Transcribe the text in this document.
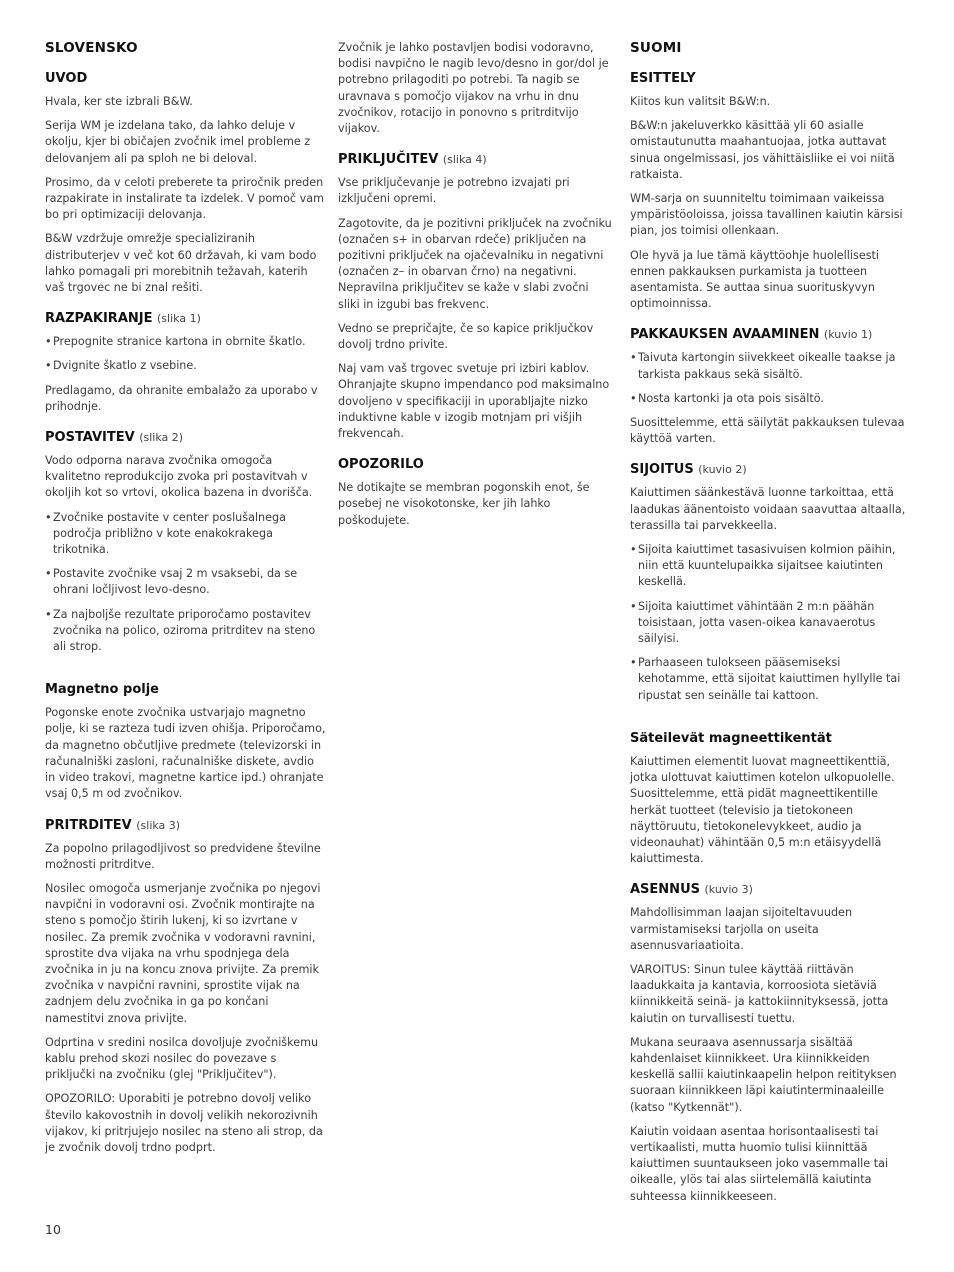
SLOVENSKO
UVOD

Hvala, ker ste izbrali B&W.

Serija WM je izdelana tako, da lahko deluje v okolju, kjer bi običajen zvočnik imel probleme z delovanjem ali pa sploh ne bi deloval.

Prosimo, da v celoti preberete ta priročnik preden razpakirate in instalirate ta izdelek. V pomoč vam bo pri optimizaciji delovanja.

B&W vzdržuje omrežje specializiranih distributerjev v več kot 60 državah, ki vam bodo lahko pomagali pri morebitnih težavah, katerih vaš trgovec ne bi znal rešiti.

RAZPAKIRANJE (slika 1)

• Prepognite stranice kartona in obrnite škatlo.

• Dvignite škatlo z vsebine.

Predlagamo, da ohranite embalažo za uporabo v prihodnje.

POSTAVITEV (slika 2)

Vodo odporna narava zvočnika omogoča kvalitetno reprodukcijo zvoka pri postavitvah v okoljih kot so vrtovi, okolica bazena in dvorišča.

• Zvočnike postavite v center poslušalnega področja približno v kote enakokrakega trikotnika.

• Postavite zvočnike vsaj 2 m vsaksebi, da se ohrani ločljivost levo-desno.

• Za najboljše rezultate priporočamo postavitev zvočnika na polico, oziroma pritrditev na steno ali strop.

Magnetno polje

Pogonske enote zvočnika ustvarjajo magnetno polje, ki se razteza tudi izven ohišja. Priporočamo, da magnetno občutljive predmete (televizorski in računalniški zasloni, računalniške diskete, avdio in video trakovi, magnetne kartice ipd.) ohranjate vsaj 0,5 m od zvočnikov.

PRITRDITEV (slika 3)

Za popolno prilagodljivost so predvidene številne možnosti pritrditve.

Nosilec omogoča usmerjanje zvočnika po njegovi navpični in vodoravni osi. Zvočnik montirajte na steno s pomočjo štirih lukenj, ki so izvrtane v nosilec. Za premik zvočnika v vodoravni ravnini, sprostite dva vijaka na vrhu spodnjega dela zvočnika in ju na koncu znova privijte. Za premik zvočnika v navpični ravnini, sprostite vijak na zadnjem delu zvočnika in ga po končani namestitvi znova privijte.

Odprtina v sredini nosilca dovoljuje zvočniškemu kablu prehod skozi nosilec do povezave s priključki na zvočniku (glej "Priključitev").

OPOZORILO: Uporabiti je potrebno dovolj veliko število kakovostnih in dovolj velikih nekorozivnih vijakov, ki pritrjujejo nosilec na steno ali strop, da je zvočnik dovolj trdno podprt.

Zvočnik je lahko postavljen bodisi vodoravno, bodisi navpično le nagib levo/desno in gor/dol je potrebno prilagoditi po potrebi. Ta nagib se uravnava s pomočjo vijakov na vrhu in dnu zvočnikov, rotacijo in ponovno s pritrditvijo vijakov.

PRIKLJUČITEV (slika 4)

Vse priključevanje je potrebno izvajati pri izključeni opremi.

Zagotovite, da je pozitivni priključek na zvočniku (označen s+ in obarvan rdeče) priključen na pozitivni priključek na ojačevalniku in negativni (označen z– in obarvan črno) na negativni. Nepravilna priključitev se kaže v slabi zvočni sliki in izgubi bas frekvenc.

Vedno se prepričajte, če so kapice priključkov dovolj trdno privite.

Naj vam vaš trgovec svetuje pri izbiri kablov. Ohranjajte skupno impendanco pod maksimalno dovoljeno v specifikaciji in uporabljajte nizko induktivne kable v izogib motnjam pri višjih frekvencah.

OPOZORILO

Ne dotikajte se membran pogonskih enot, še posebej ne visokotonske, ker jih lahko poškodujete.

SUOMI
ESITTELY

Kiitos kun valitsit B&W:n.

B&W:n jakeluverkko käsittää yli 60 asialle omistautunutta maahantuojaa, jotka auttavat sinua ongelmissasi, jos vähittäisliike ei voi niitä ratkaista.

WM-sarja on suunniteltu toimimaan vaikeissa ympäristöoloissa, joissa tavallinen kaiutin kärsisi pian, jos toimisi ollenkaan.

Ole hyvä ja lue tämä käyttöohje huolellisesti ennen pakkauksen purkamista ja tuotteen asentamista. Se auttaa sinua suorituskyvyn optimoinnissa.

PAKKAUKSEN AVAAMINEN (kuvio 1)

• Taivuta kartongin siivekkeet oikealle taakse ja tarkista pakkaus sekä sisältö.

• Nosta kartonki ja ota pois sisältö.

Suosittelemme, että säilytät pakkauksen tulevaa käyttöä varten.

SIJOITUS (kuvio 2)

Kaiuttimen säänkestävä luonne tarkoittaa, että laadukas äänentoisto voidaan saavuttaa altaalla, terassilla tai parvekkeella.

• Sijoita kaiuttimet tasasivuisen kolmion päihin, niin että kuuntelupaikka sijaitsee kaiutinten keskellä.

• Sijoita kaiuttimet vähintään 2 m:n päähän toisistaan, jotta vasen-oikea kanavaerotus säilyisi.

• Parhaaseen tulokseen pääsemiseksi kehotamme, että sijoitat kaiuttimen hyllylle tai ripustat sen seinälle tai kattoon.

Säteilevät magneettikentät

Kaiuttimen elementit luovat magneettikenttiä, jotka ulottuvat kaiuttimen kotelon ulkopuolelle. Suosittelemme, että pidät magneettikentille herkät tuotteet (televisio ja tietokoneen näyttöruutu, tietokonelevykkeet, audio ja videonauhat) vähintään 0,5 m:n etäisyydellä kaiuttimesta.

ASENNUS (kuvio 3)

Mahdollisimman laajan sijoiteltavuuden varmistamiseksi tarjolla on useita asennusvariaatioita.

VAROITUS: Sinun tulee käyttää riittävän laadukkaita ja kantavia, korroosiota sietäviä kiinnikkeitä seinä- ja kattokiinnityksessä, jotta kaiutin on turvallisesti tuettu.

Mukana seuraava asennussarja sisältää kahdenlaiset kiinnikkeet. Ura kiinnikkeiden keskellä sallii kaiutinkaapelin helpon reitityksen suoraan kiinnikkeen läpi kaiutinterminaaleille (katso "Kytkennät").

Kaiutin voidaan asentaa horisontaalisesti tai vertikaalisti, mutta huomio tulisi kiinnittää kaiuttimen suuntaukseen joko vasemmalle tai oikealle, ylös tai alas siirtelemällä kaiutinta suhteessa kiinnikkeeseen.

10
